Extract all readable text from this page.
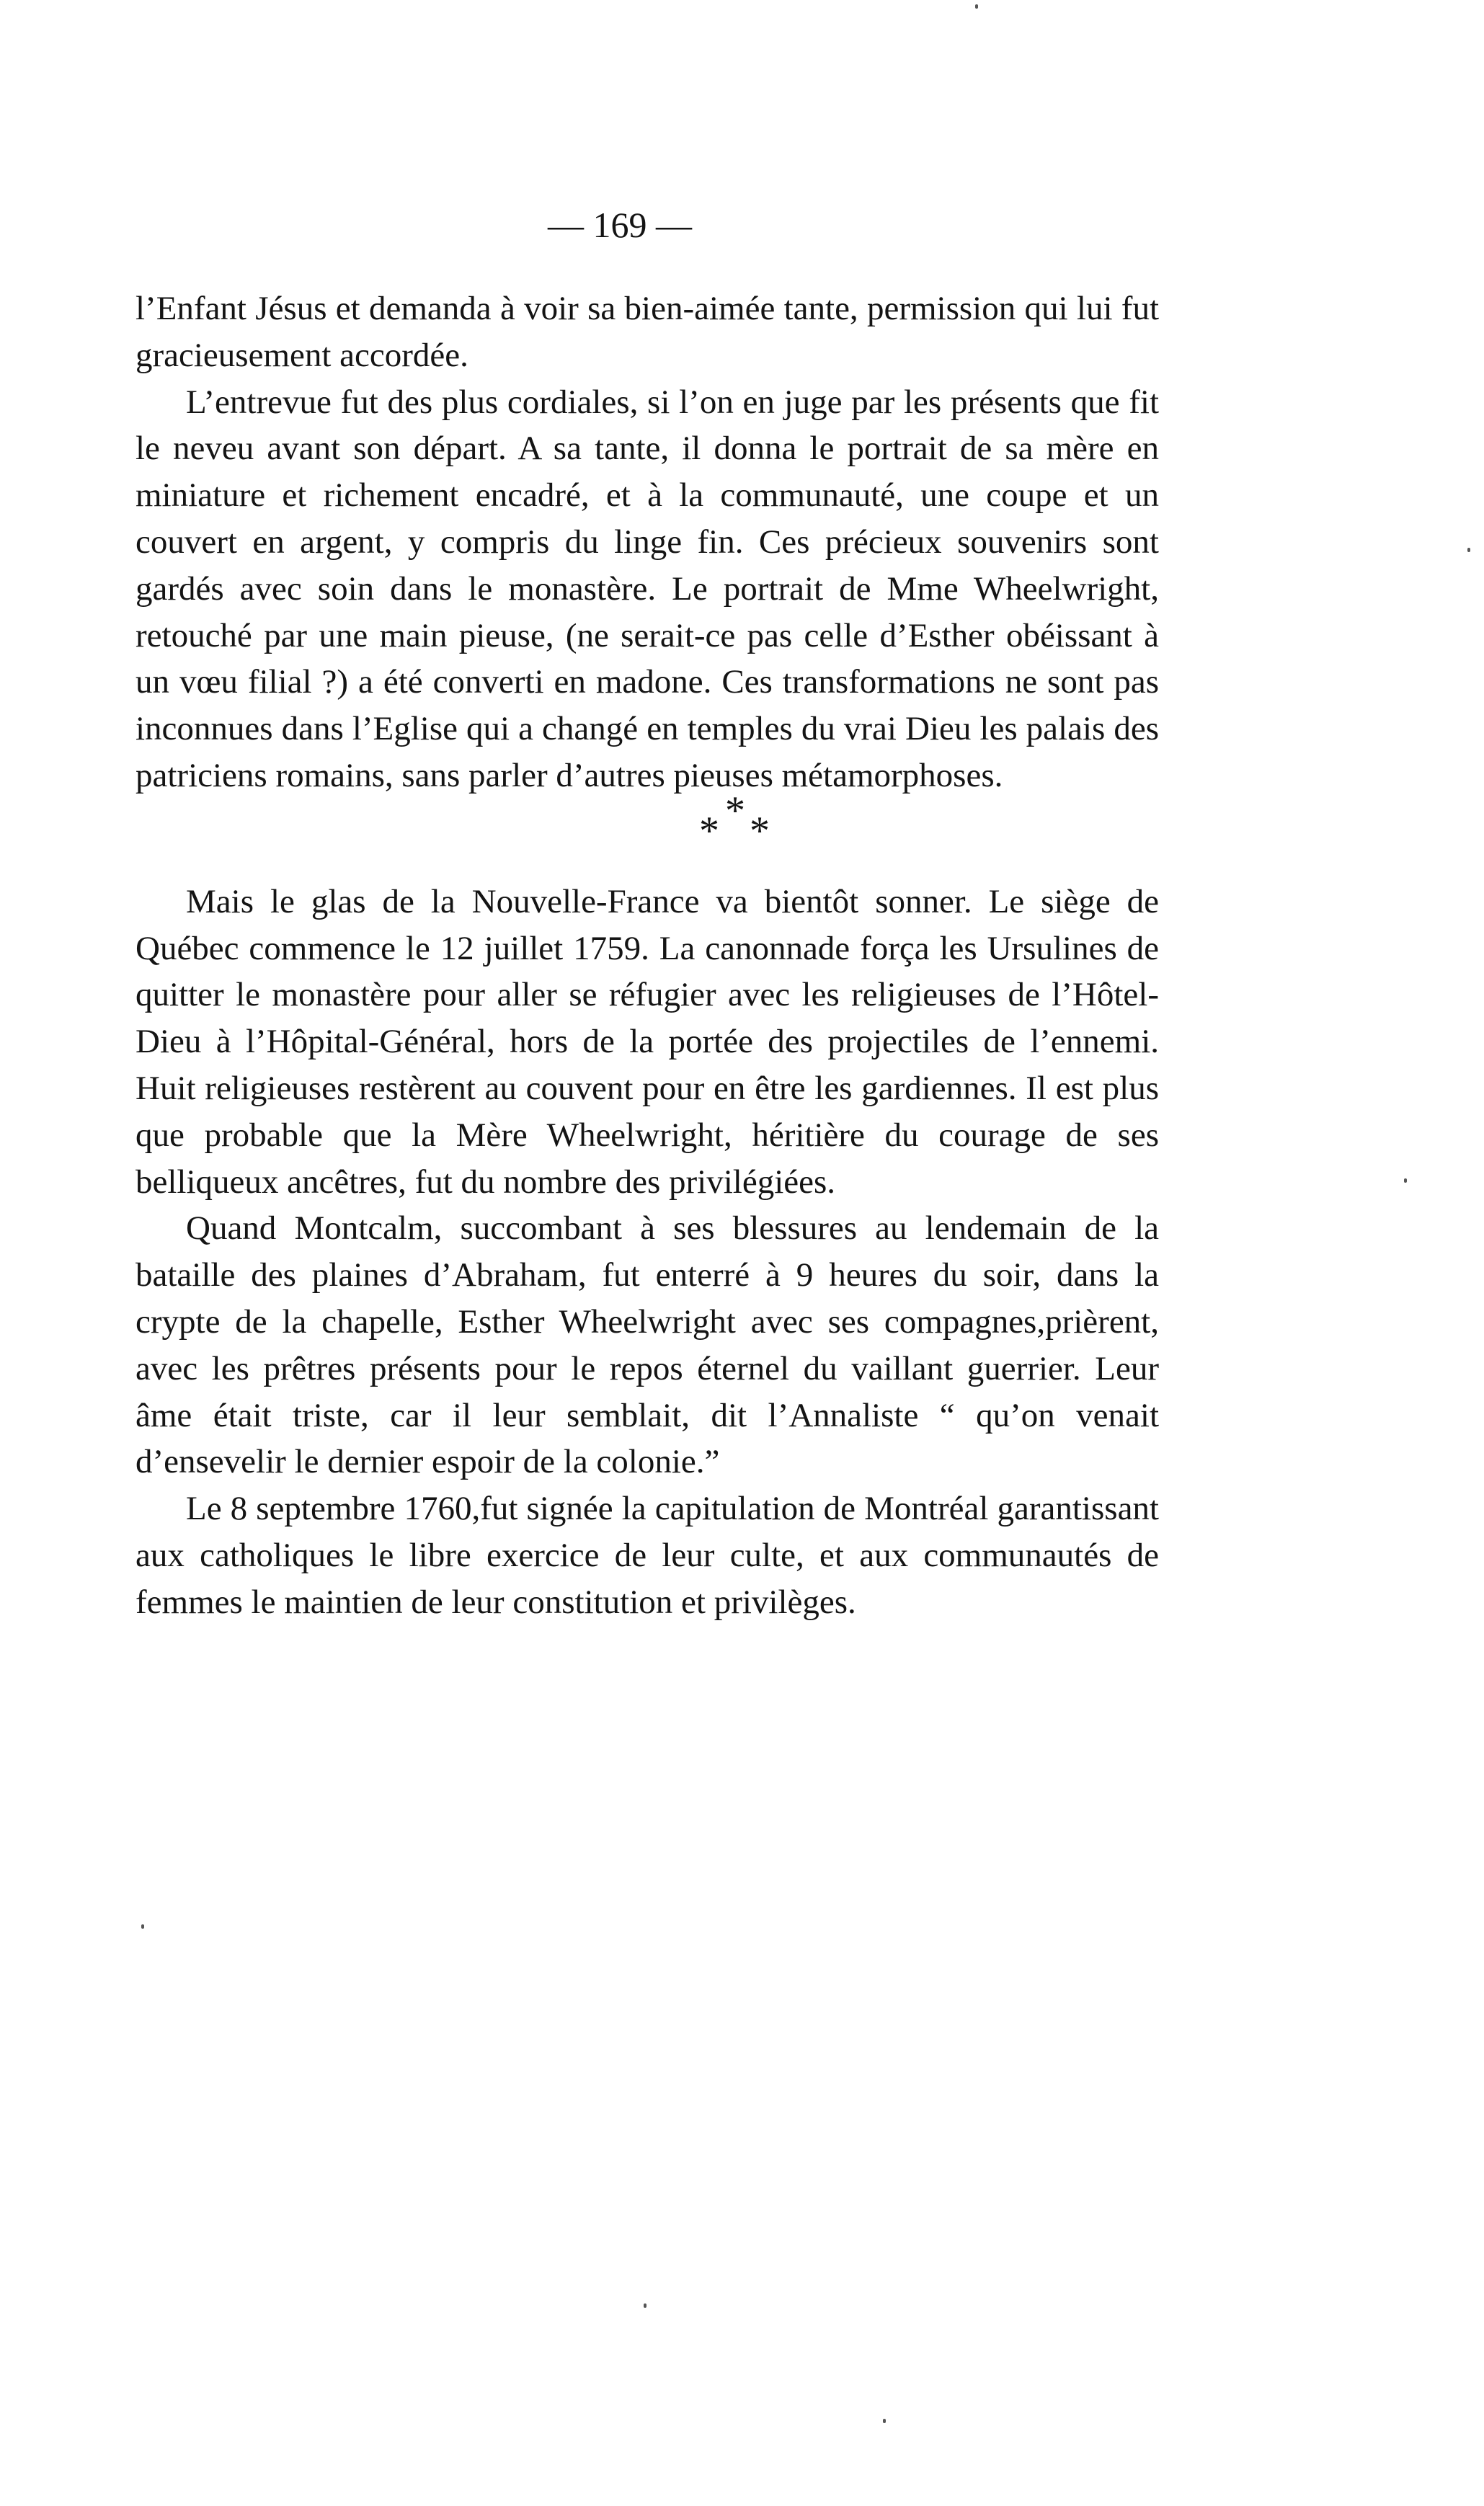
— 169 —

l’Enfant Jésus et demanda à voir sa bien-aimée tante, permission qui lui fut gracieusement accordée.

L’entrevue fut des plus cordiales, si l’on en juge par les présents que fit le neveu avant son départ. A sa tante, il donna le portrait de sa mère en miniature et richement encadré, et à la communauté, une coupe et un couvert en argent, y compris du linge fin. Ces précieux souvenirs sont gardés avec soin dans le monastère. Le portrait de Mme Wheelwright, retouché par une main pieuse, (ne serait-ce pas celle d’Esther obéissant à un vœu filial ?) a été converti en madone. Ces transformations ne sont pas inconnues dans l’Eglise qui a changé en temples du vrai Dieu les palais des patriciens romains, sans parler d’autres pieuses métamorphoses.

*
* *

Mais le glas de la Nouvelle-France va bientôt sonner. Le siège de Québec commence le 12 juillet 1759. La canonnade força les Ursulines de quitter le monastère pour aller se réfugier avec les religieuses de l’Hôtel-Dieu à l’Hôpital-Général, hors de la portée des projectiles de l’ennemi. Huit religieuses restèrent au couvent pour en être les gardiennes. Il est plus que probable que la Mère Wheelwright, héritière du courage de ses belliqueux ancêtres, fut du nombre des privilégiées.

Quand Montcalm, succombant à ses blessures au lendemain de la bataille des plaines d’Abraham, fut enterré à 9 heures du soir, dans la crypte de la chapelle, Esther Wheelwright avec ses compagnes,prièrent, avec les prêtres présents pour le repos éternel du vaillant guerrier. Leur âme était triste, car il leur semblait, dit l’Annaliste “ qu’on venait d’ensevelir le dernier espoir de la colonie.”

Le 8 septembre 1760,fut signée la capitulation de Montréal garantissant aux catholiques le libre exercice de leur culte, et aux communautés de femmes le maintien de leur constitution et privilèges.
